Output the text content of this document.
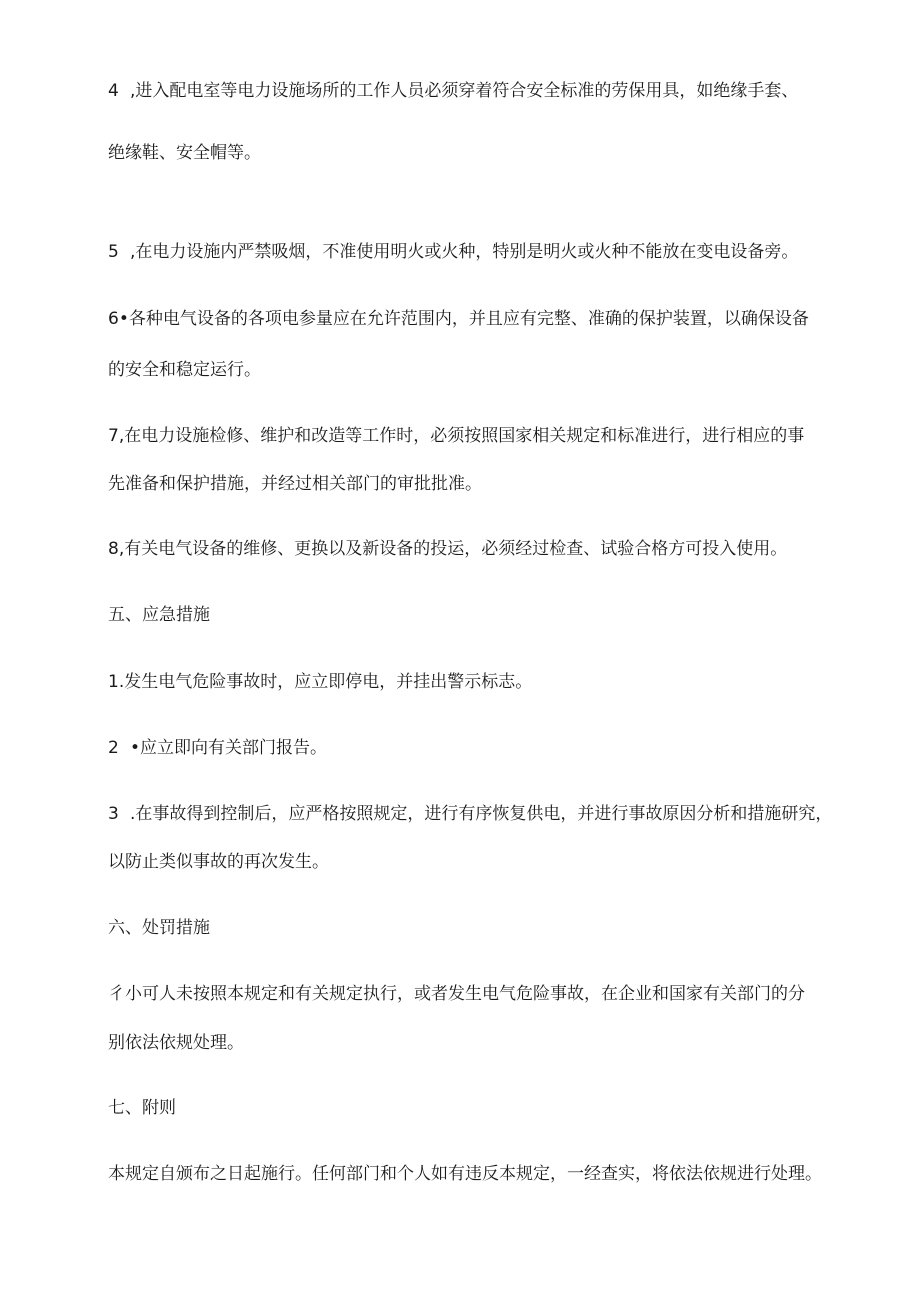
4 ,进入配电室等电力设施场所的工作人员必须穿着符合安全标准的劳保用具，如绝缘手套、
绝缘鞋、安全帽等。
5 ,在电力设施内严禁吸烟，不准使用明火或火种，特别是明火或火种不能放在变电设备旁。
6•各种电气设备的各项电参量应在允许范围内，并且应有完整、准确的保护装置，以确保设备
的安全和稳定运行。
7,在电力设施检修、维护和改造等工作时，必须按照国家相关规定和标准进行，进行相应的事
先准备和保护措施，并经过相关部门的审批批准。
8,有关电气设备的维修、更换以及新设备的投运，必须经过检查、试验合格方可投入使用。
五、应急措施
1.发生电气危险事故时，应立即停电，并挂出警示标志。
2 •应立即向有关部门报告。
3 .在事故得到控制后，应严格按照规定，进行有序恢复供电，并进行事故原因分析和措施研究，
以防止类似事故的再次发生。
六、处罚措施
彳小可人未按照本规定和有关规定执行，或者发生电气危险事故，在企业和国家有关部门的分
别依法依规处理。
七、附则
本规定自颁布之日起施行。任何部门和个人如有违反本规定，一经查实，将依法依规进行处理。
